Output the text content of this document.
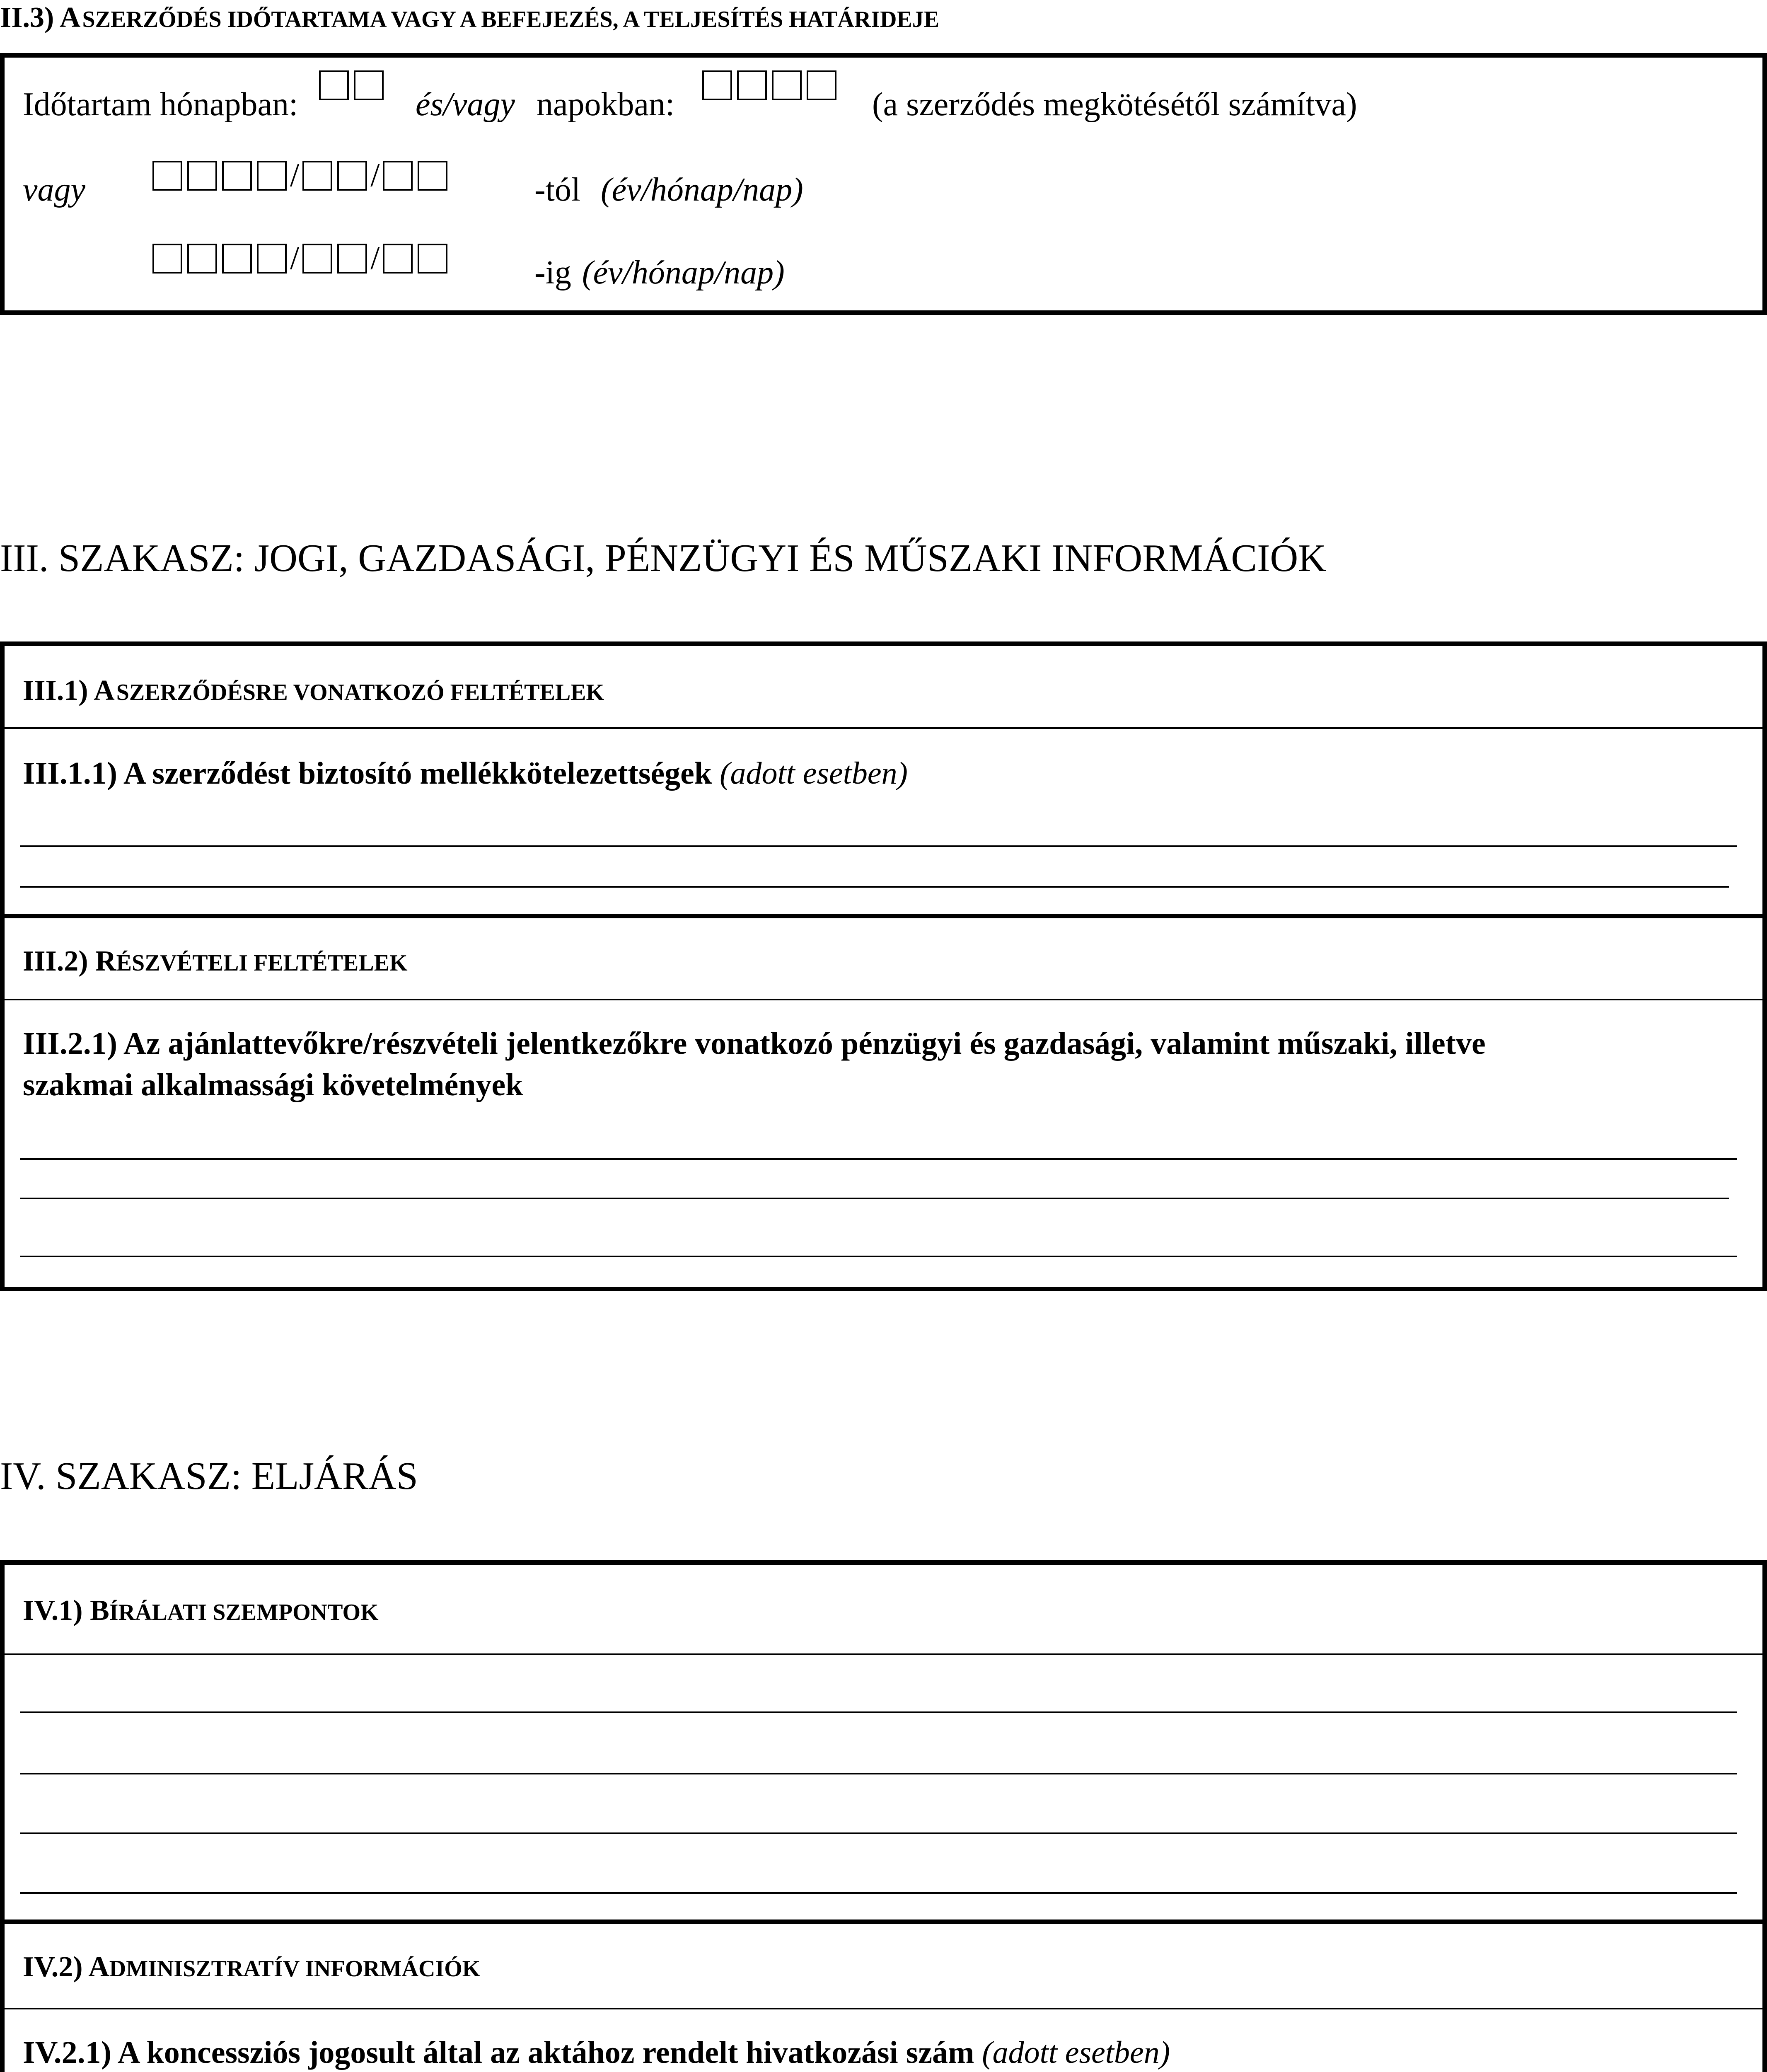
II.3) A SZERZŐDÉS IDŐTARTAMA VAGY A BEFEJEZÉS, A TELJESÍTÉS HATÁRIDEJE
Időtartam hónapban:	és/vagy napokban:	(a szerződés megkötésétől számítva)
vagy	/ /	-tól (év/hónap/nap)
/ /	-ig (év/hónap/nap)
III. SZAKASZ: JOGI, GAZDASÁGI, PÉNZÜGYI ÉS MŰSZAKI INFORMÁCIÓK
III.1) A SZERZŐDÉSRE VONATKOZÓ FELTÉTELEK
III.1.1) A szerződést biztosító mellékkötelezettségek (adott esetben)
III.2) RÉSZVÉTELI FELTÉTELEK
III.2.1) Az ajánlattevőkre/részvételi jelentkezőkre vonatkozó pénzügyi és gazdasági, valamint műszaki, illetve
szakmai alkalmassági követelmények
IV. SZAKASZ: ELJÁRÁS
IV.1) BÍRÁLATI SZEMPONTOK
IV.2) ADMINISZTRATÍV INFORMÁCIÓK
IV.2.1) A koncessziós jogosult által az aktához rendelt hivatkozási szám (adott esetben)
